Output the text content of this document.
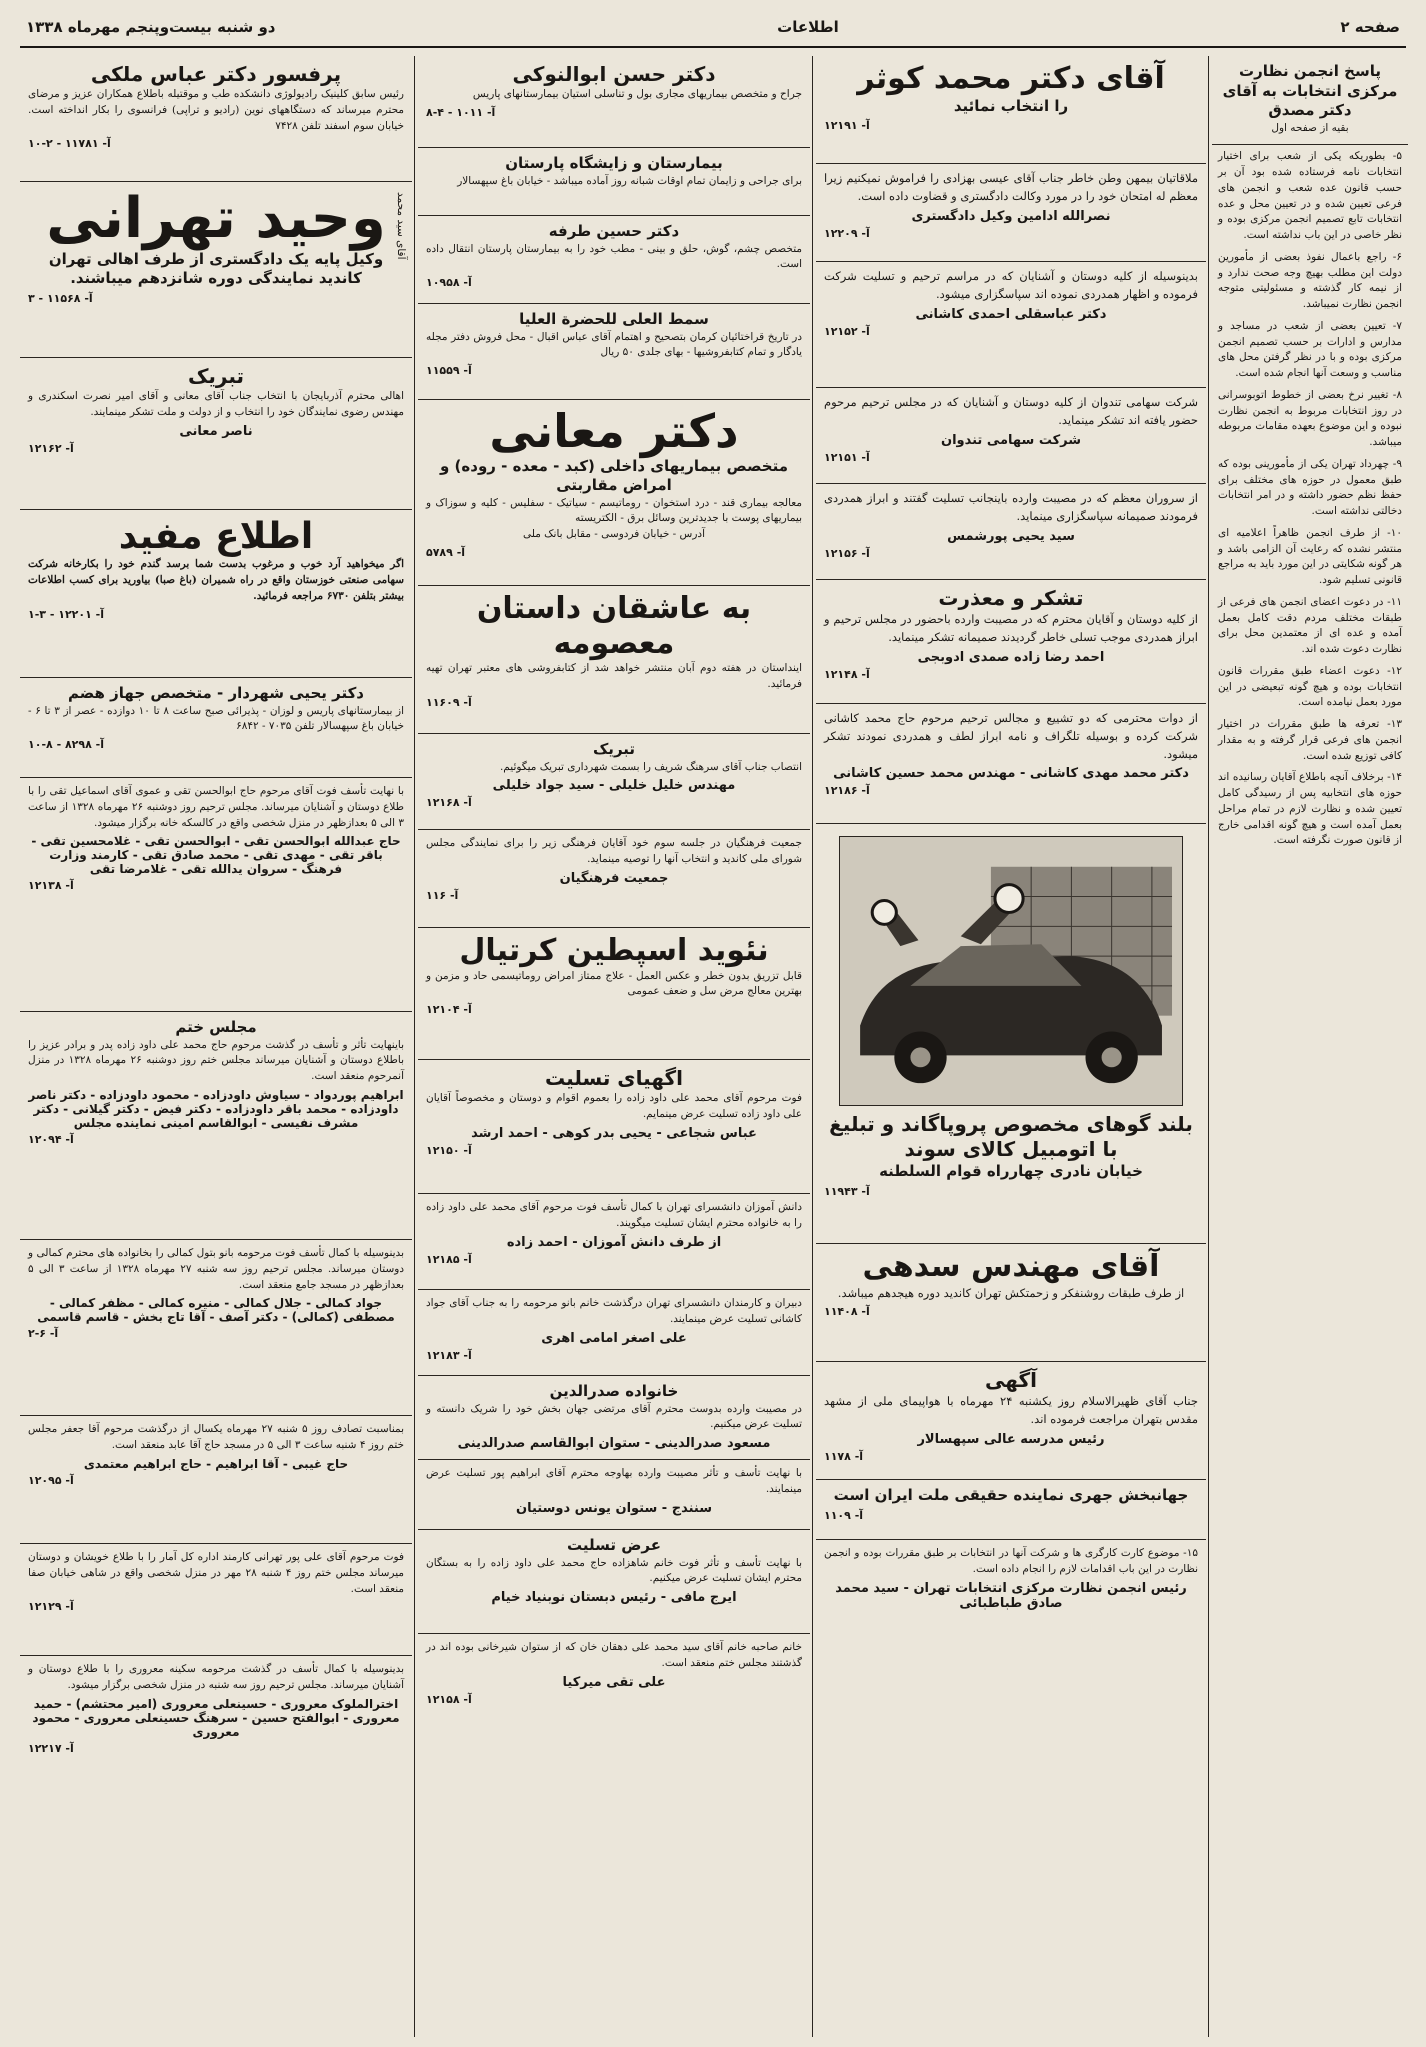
صفحه ۲
اطلاعات
دو شنبه بیست‌وپنجم مهرماه ۱۳۳۸
پاسخ انجمن نظارت مرکزی انتخابات به آقای دکتر مصدق
بقیه از صفحه اول

۵- بطوریکه یکی از شعب برای اختیار انتخابات نامه فرستاده شده بود آن بر حسب قانون عده شعب و انجمن های فرعی تعیین شده و در تعیین محل و عده انتخابات تابع تصمیم انجمن مرکزی بوده و نظر خاصی در این باب نداشته است.

۶- راجع باعمال نفوذ بعضی از مأمورین دولت این مطلب بهیچ وجه صحت ندارد و از نیمه کار گذشته و مسئولیتی متوجه انجمن نظارت نمیباشد.

۷- تعیین بعضی از شعب در مساجد و مدارس و ادارات بر حسب تصمیم انجمن مرکزی بوده و با در نظر گرفتن محل های مناسب و وسعت آنها انجام شده است.

۸- تغییر نرخ بعضی از خطوط اتوبوسرانی در روز انتخابات مربوط به انجمن نظارت نبوده و این موضوع بعهده مقامات مربوطه میباشد.

۹- چهرداد تهران یکی از مأمورینی بوده که طبق معمول در حوزه های مختلف برای حفظ نظم حضور داشته و در امر انتخابات دخالتی نداشته است.

۱۰- از طرف انجمن ظاهراً اعلامیه ای منتشر نشده که رعایت آن الزامی باشد و هر گونه شکایتی در این مورد باید به مراجع قانونی تسلیم شود.

۱۱- در دعوت اعضای انجمن های فرعی از طبقات مختلف مردم دقت کامل بعمل آمده و عده ای از معتمدین محل برای نظارت دعوت شده اند.

۱۲- دعوت اعضاء طبق مقررات قانون انتخابات بوده و هیچ گونه تبعیضی در این مورد بعمل نیامده است.

۱۳- تعرفه ها طبق مقررات در اختیار انجمن های فرعی قرار گرفته و به مقدار کافی توزیع شده است.

۱۴- برخلاف آنچه باطلاع آقایان رسانیده اند حوزه های انتخابیه پس از رسیدگی کامل تعیین شده و نظارت لازم در تمام مراحل بعمل آمده است و هیچ گونه اقدامی خارج از قانون صورت نگرفته است.

آقای دکتر محمد کوثر
را انتخاب نمائید
آ- ۱۲۱۹۱
ملاقاتیان بیمهن وطن خاطر جناب آقای عیسی بهزادی را فراموش نمیکنیم زیرا معظم له امتحان خود را در مورد وکالت دادگستری و قضاوت داده است.
نصرالله ادامین وکیل دادگستری
آ- ۱۲۲۰۹
بدینوسیله از کلیه دوستان و آشنایان که در مراسم ترحیم و تسلیت شرکت فرموده و اظهار همدردی نموده اند سپاسگزاری میشود.
دکتر عباسقلی احمدی کاشانی
آ- ۱۲۱۵۲
شرکت سهامی تندوان از کلیه دوستان و آشنایان که در مجلس ترحیم مرحوم حضور یافته اند تشکر مینماید.
شرکت سهامی تندوان
آ- ۱۲۱۵۱
از سروران معظم که در مصیبت وارده باینجانب تسلیت گفتند و ابراز همدردی فرمودند صمیمانه سپاسگزاری مینماید.
سید یحیی پورشمس
آ- ۱۲۱۵۶
تشکر و معذرت
از کلیه دوستان و آقایان محترم که در مصیبت وارده باحضور در مجلس ترحیم و ابراز همدردی موجب تسلی خاطر گردیدند صمیمانه تشکر مینماید.
احمد رضا زاده صمدی ادوبجی
آ- ۱۲۱۴۸
از دوات محترمی که دو تشییع و مجالس ترحیم مرحوم حاج محمد کاشانی شرکت کرده و بوسیله تلگراف و نامه ابراز لطف و همدردی نمودند تشکر میشود.
دکتر محمد مهدی کاشانی - مهندس محمد حسین کاشانی
آ- ۱۲۱۸۶
بلند گوهای مخصوص پروپاگاند و تبلیغ با اتومبیل کالای سوند
خیابان نادری چهارراه قوام السلطنه
آ- ۱۱۹۴۳
آقای مهندس سدهی
از طرف طبقات روشنفکر و زحمتکش تهران کاندید دوره هیجدهم میباشد.
آ- ۱۱۴۰۸
آگهی
جناب آقای ظهیرالاسلام روز یکشنبه ۲۴ مهرماه با هواپیمای ملی از مشهد مقدس بتهران مراجعت فرموده اند.
رئیس مدرسه عالی سپهسالار
آ- ۱۱۷۸
جهانبخش جهری نماینده حقیقی ملت ایران است
آ- ۱۱۰۹
۱۵- موضوع کارت کارگری ها و شرکت آنها در انتخابات بر طبق مقررات بوده و انجمن نظارت در این باب اقدامات لازم را انجام داده است.
رئیس انجمن نظارت مرکزی انتخابات تهران - سید محمد صادق طباطبائی
دکتر حسن ابوالنوکی
جراح و متخصص بیماریهای مجاری بول و تناسلی استیان بیمارستانهای پاریس
آ- ۱۰۱۱ - ۴-۸
بیمارستان و زایشگاه پارستان
برای جراحی و زایمان تمام اوقات شبانه روز آماده میباشد - خیابان باغ سپهسالار
دکتر حسین طرفه
متخصص چشم، گوش، حلق و بینی - مطب خود را به بیمارستان پارستان انتقال داده است.
آ- ۱۰۹۵۸
سمط العلی للحضرة العلیا
در تاریخ قراختائیان کرمان بتصحیح و اهتمام آقای عباس اقبال - محل فروش دفتر مجله یادگار و تمام کتابفروشیها - بهای جلدی ۵۰ ریال
آ- ۱۱۵۵۹
دکتر معانی
متخصص بیماریهای داخلی (کبد - معده - روده) و امراض مقاربتی
معالجه بیماری قند - درد استخوان - روماتیسم - سیاتیک - سفلیس - کلیه و سوزاک و بیماریهای پوست با جدیدترین وسائل برق - الکتریسته
آدرس - خیابان فردوسی - مقابل بانک ملی
آ- ۵۷۸۹
به عاشقان داستان معصومه
اینداستان در هفته دوم آبان منتشر خواهد شد از کتابفروشی های معتبر تهران تهیه فرمائید.
آ- ۱۱۶۰۹
تبریک
انتصاب جناب آقای سرهنگ شریف را بسمت شهرداری تبریک میگوئیم.
مهندس خلیل خلیلی - سید جواد خلیلی
آ- ۱۲۱۶۸
جمعیت فرهنگیان در جلسه سوم خود آقایان فرهنگی زیر را برای نمایندگی مجلس شورای ملی کاندید و انتخاب آنها را توصیه مینماید.
جمعیت فرهنگیان
آ- ۱۱۶
نئوید اسپطین کرتیال
قابل تزریق بدون خطر و عکس العمل - علاج ممتاز امراض روماتیسمی حاد و مزمن و بهترین معالج مرض سل و ضعف عمومی
آ- ۱۲۱۰۴
اگهیای تسلیت
فوت مرحوم آقای محمد علی داود زاده را بعموم اقوام و دوستان و مخصوصاً آقایان علی داود زاده تسلیت عرض مینمایم.
عباس شجاعی - یحیی بدر کوهی - احمد ارشد
آ- ۱۲۱۵۰
دانش آموزان دانشسرای تهران با کمال تأسف فوت مرحوم آقای محمد علی داود زاده را به خانواده محترم ایشان تسلیت میگویند.
از طرف دانش آموزان - احمد زاده
آ- ۱۲۱۸۵
دبیران و کارمندان دانشسرای تهران درگذشت خانم بانو مرحومه را به جناب آقای جواد کاشانی تسلیت عرض مینمایند.
علی اصغر امامی اهری
آ- ۱۲۱۸۳
خانواده صدرالدین
در مصیبت وارده بدوست محترم آقای مرتضی جهان بخش خود را شریک دانسته و تسلیت عرض میکنیم.
مسعود صدرالدینی - ستوان ابوالقاسم صدرالدینی
با نهایت تأسف و تأثر مصیبت وارده بهاوجه محترم آقای ابراهیم پور تسلیت عرض مینمایند.
سنندج - ستوان یونس دوستیان
عرض تسلیت
با نهایت تأسف و تأثر فوت خانم شاهزاده حاج محمد علی داود زاده را به بستگان محترم ایشان تسلیت عرض میکنیم.
ایرج مافی - رئیس دبستان نوبنیاد خیام
خانم صاحبه خانم آقای سید محمد علی دهقان خان که از ستوان شیرخانی بوده اند در گذشتند مجلس ختم منعقد است.
علی تقی میرکیا
آ- ۱۲۱۵۸
پرفسور دکتر عباس ملکی
رئیس سابق کلینیک رادیولوژی دانشکده طب و موقتیله باطلاع همکاران عزیز و مرضای محترم میرساند که دستگاههای نوین (رادیو و تراپی) فرانسوی را بکار انداخته است. خیابان سوم اسفند تلفن ۷۴۲۸
آ- ۱۱۷۸۱ - ۲-۱۰
آقای سید محمد
وحید تهرانی
وکیل پایه یک دادگستری از طرف اهالی تهران کاندید نمایندگی دوره شانزدهم میباشند.
آ- ۱۱۵۶۸ - ۳
تبریک
اهالی محترم آذربایجان با انتخاب جناب آقای معانی و آقای امیر نصرت اسکندری و مهندس رضوی نمایندگان خود را انتخاب و از دولت و ملت تشکر مینمایند.
ناصر معانی
آ- ۱۲۱۶۲
اطلاع مفید
اگر میخواهید آرد خوب و مرغوب بدست شما برسد گندم خود را بکارخانه شرکت سهامی صنعتی خوزستان واقع در راه شمیران (باغ صبا) بیاورید برای کسب اطلاعات بیشتر بتلفن ۶۷۳۰ مراجعه فرمائید.
آ- ۱۲۲۰۱ - ۳-۱
دکتر یحیی شهردار - متخصص جهاز هضم
از بیمارستانهای پاریس و لوزان - پذیرائی صبح ساعت ۸ تا ۱۰ دوازده - عصر از ۳ تا ۶ - خیابان باغ سپهسالار تلفن ۷۰۳۵ - ۶۸۴۲
آ- ۸۲۹۸ - ۸-۱۰
با نهایت تأسف فوت آقای مرحوم حاج ابوالحسن تقی و عموی آقای اسماعیل تقی را با طلاع دوستان و آشنایان میرساند. مجلس ترحیم روز دوشنبه ۲۶ مهرماه ۱۳۲۸ از ساعت ۳ الی ۵ بعدازظهر در منزل شخصی واقع در کالسکه خانه برگزار میشود.
حاج عبدالله ابوالحسن تقی - ابوالحسن تقی - غلامحسین تقی - باقر تقی - مهدی تقی - محمد صادق تقی - کارمند وزارت فرهنگ - سروان یدالله تقی - غلامرضا تقی
آ- ۱۲۱۳۸
مجلس ختم
باینهایت تأثر و تأسف در گذشت مرحوم حاج محمد علی داود زاده پدر و برادر عزیز را باطلاع دوستان و آشنایان میرساند مجلس ختم روز دوشنبه ۲۶ مهرماه ۱۳۲۸ در منزل آنمرحوم منعقد است.
ابراهیم پوردواد - سیاوش داودزاده - محمود داودزاده - دکتر ناصر داودزاده - محمد باقر داودزاده - دکتر فیض - دکتر گیلانی - دکتر مشرف نفیسی - ابوالقاسم امینی نماینده مجلس
آ- ۱۲۰۹۴
بدینوسیله با کمال تأسف فوت مرحومه بانو بتول کمالی را بخانواده های محترم کمالی و دوستان میرساند. مجلس ترحیم روز سه شنبه ۲۷ مهرماه ۱۳۲۸ از ساعت ۳ الی ۵ بعدازظهر در مسجد جامع منعقد است.
جواد کمالی - جلال کمالی - منیره کمالی - مظفر کمالی - مصطفی (کمالی) - دکتر آصف - آقا تاج بخش - قاسم قاسمی
آ- ۶-۲
بمناسبت تصادف روز ۵ شنبه ۲۷ مهرماه یکسال از درگذشت مرحوم آقا جعفر مجلس ختم روز ۴ شنبه ساعت ۳ الی ۵ در مسجد حاج آقا عابد منعقد است.
حاج غیبی - آقا ابراهیم - حاج ابراهیم معتمدی
آ- ۱۲۰۹۵
فوت مرحوم آقای علی پور تهرانی کارمند اداره کل آمار را با طلاع خویشان و دوستان میرساند مجلس ختم روز ۴ شنبه ۲۸ مهر در منزل شخصی واقع در شاهی خیابان صفا منعقد است.
آ- ۱۲۱۲۹
بدینوسیله با کمال تأسف در گذشت مرحومه سکینه معروری را با طلاع دوستان و آشنایان میرساند. مجلس ترحیم روز سه شنبه در منزل شخصی برگزار میشود.
اخترالملوک معروری - حسینعلی معروری (امیر محتشم) - حمید معروری - ابوالفتح حسین - سرهنگ حسینعلی معروری - محمود معروری
آ- ۱۲۲۱۷
